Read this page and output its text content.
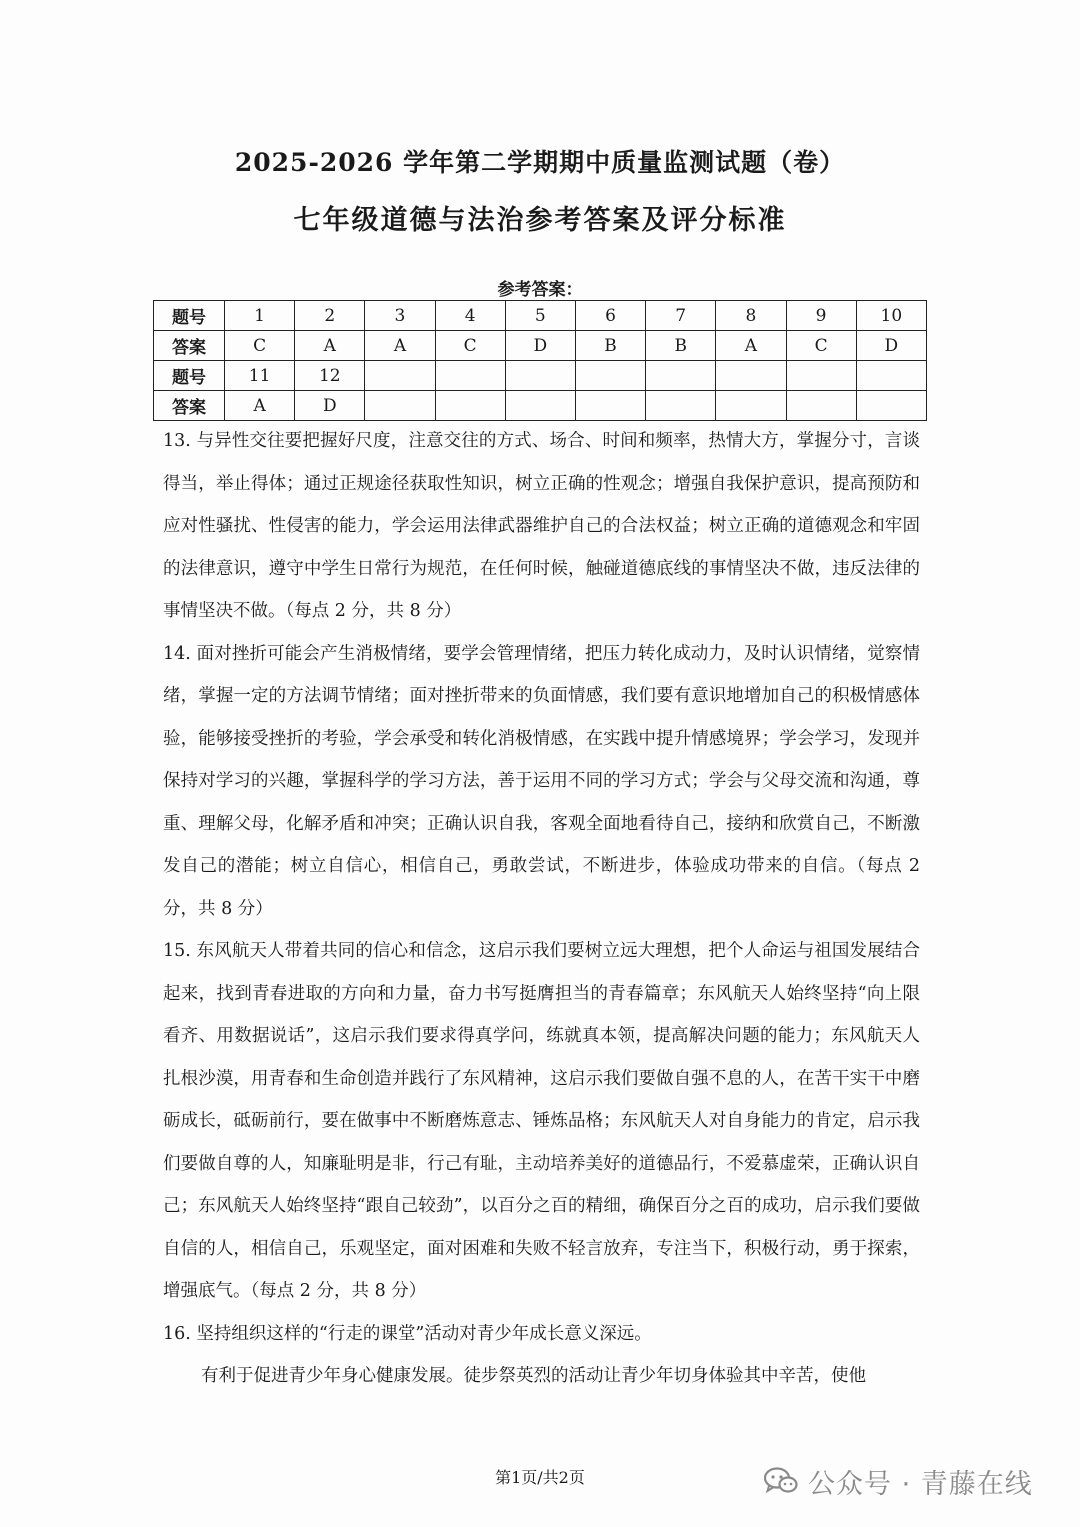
2025-2026 学年第二学期期中质量监测试题（卷）
七年级道德与法治参考答案及评分标准
参考答案：
题号	1	2	3	4	5	6	7	8	9	10
答案	C	A	A	C	D	B	B	A	C	D
题号	11	12								
答案	A	D								

13. 与异性交往要把握好尺度，注意交往的方式、场合、时间和频率，热情大方，掌握分寸，言谈得当，举止得体；通过正规途径获取性知识，树立正确的性观念；增强自我保护意识，提高预防和应对性骚扰、性侵害的能力，学会运用法律武器维护自己的合法权益；树立正确的道德观念和牢固的法律意识，遵守中学生日常行为规范，在任何时候，触碰道德底线的事情坚决不做，违反法律的事情坚决不做。（每点 2 分，共 8 分）

14. 面对挫折可能会产生消极情绪，要学会管理情绪，把压力转化成动力，及时认识情绪，觉察情绪，掌握一定的方法调节情绪；面对挫折带来的负面情感，我们要有意识地增加自己的积极情感体验，能够接受挫折的考验，学会承受和转化消极情感，在实践中提升情感境界；学会学习，发现并保持对学习的兴趣，掌握科学的学习方法，善于运用不同的学习方式；学会与父母交流和沟通，尊重、理解父母，化解矛盾和冲突；正确认识自我，客观全面地看待自己，接纳和欣赏自己，不断激发自己的潜能；树立自信心，相信自己，勇敢尝试，不断进步，体验成功带来的自信。（每点 2 分，共 8 分）

15. 东风航天人带着共同的信心和信念，这启示我们要树立远大理想，把个人命运与祖国发展结合起来，找到青春进取的方向和力量，奋力书写挺膺担当的青春篇章；东风航天人始终坚持“向上限看齐、用数据说话”，这启示我们要求得真学问，练就真本领，提高解决问题的能力；东风航天人扎根沙漠，用青春和生命创造并践行了东风精神，这启示我们要做自强不息的人，在苦干实干中磨砺成长，砥砺前行，要在做事中不断磨炼意志、锤炼品格；东风航天人对自身能力的肯定，启示我们要做自尊的人，知廉耻明是非，行己有耻，主动培养美好的道德品行，不爱慕虚荣，正确认识自己；东风航天人始终坚持“跟自己较劲”，以百分之百的精细，确保百分之百的成功，启示我们要做自信的人，相信自己，乐观坚定，面对困难和失败不轻言放弃，专注当下，积极行动，勇于探索，增强底气。（每点 2 分，共 8 分）

16. 坚持组织这样的“行走的课堂”活动对青少年成长意义深远。

有利于促进青少年身心健康发展。徒步祭英烈的活动让青少年切身体验其中辛苦，使他

第1页/共2页	公众号 · 青藤在线
